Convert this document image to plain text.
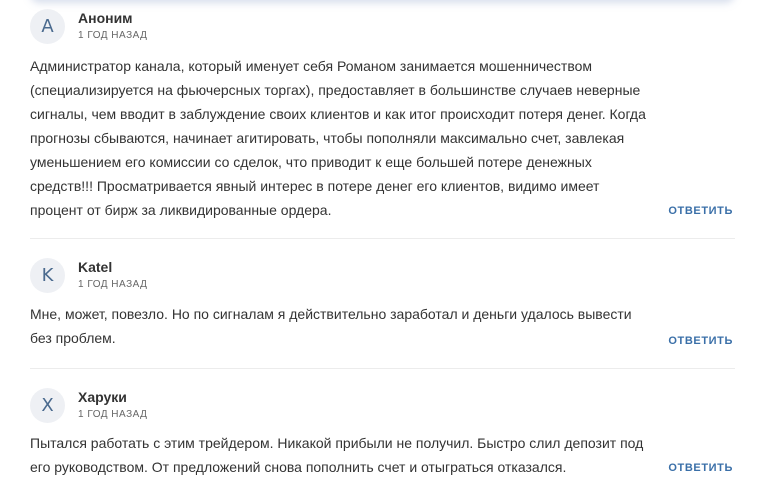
А	Аноним
1 ГОД НАЗАД
Администратор канала, который именует себя Романом занимается мошенничеством (специализируется на фьючерсных торгах), предоставляет в большинстве случаев неверные сигналы, чем вводит в заблуждение своих клиентов и как итог происходит потеря денег. Когда прогнозы сбываются, начинает агитировать, чтобы пополняли максимально счет, завлекая уменьшением его комиссии со сделок, что приводит к еще большей потере денежных средств!!! Просматривается явный интерес в потере денег его клиентов, видимо имеет процент от бирж за ликвидированные ордера.	ОТВЕТИТЬ
K	Katel
1 ГОД НАЗАД
Мне, может, повезло. Но по сигналам я действительно заработал и деньги удалось вывести без проблем.	ОТВЕТИТЬ
Х	Харуки
1 ГОД НАЗАД
Пытался работать с этим трейдером. Никакой прибыли не получил. Быстро слил депозит под его руководством. От предложений снова пополнить счет и отыграться отказался.	ОТВЕТИТЬ
